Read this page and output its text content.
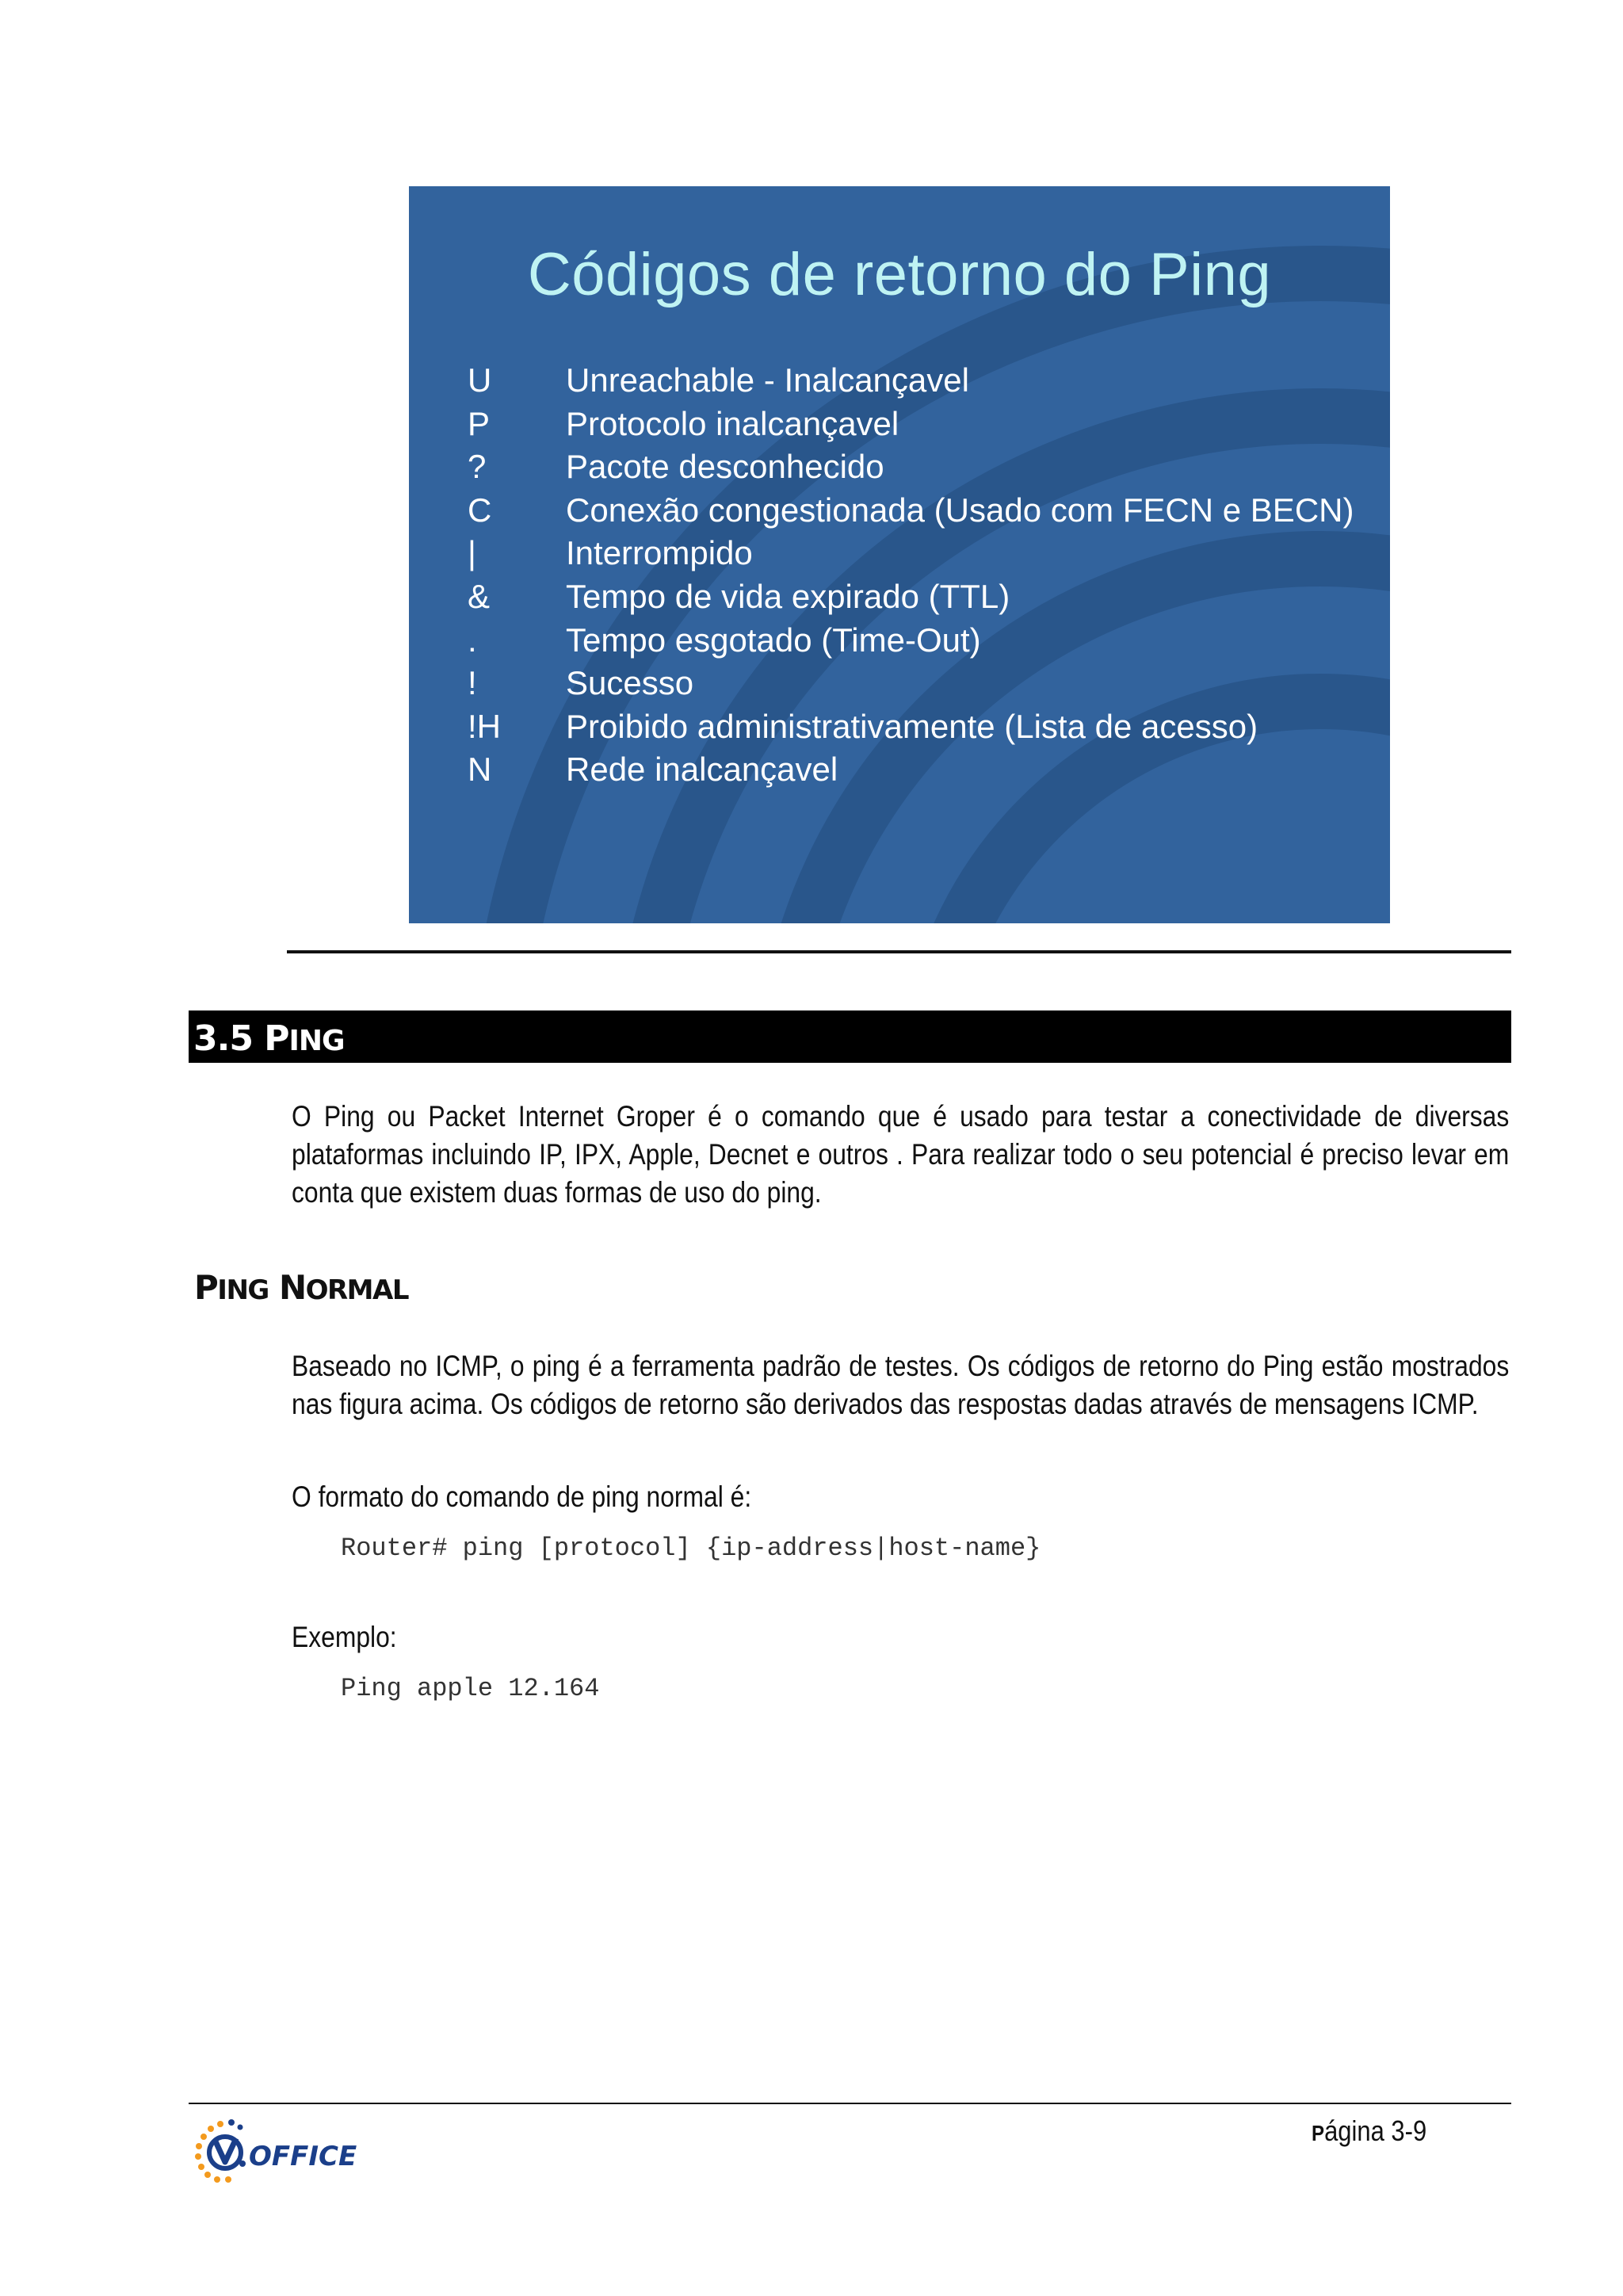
Códigos de retorno do Ping
U Unreachable - Inalcançavel
P Protocolo inalcançavel
? Pacote desconhecido
C Conexão congestionada (Usado com FECN e BECN)
|	Interrompido
& Tempo de vida expirado (TTL)
.	Tempo esgotado (Time-Out)
!	Sucesso
!H Proibido administrativamente (Lista de acesso)
N Rede inalcançavel
3.5 PING
O Ping ou Packet Internet Groper é o comando que é usado para testar a conectividade de diversas plataformas incluindo IP, IPX, Apple, Decnet e outros . Para realizar todo o seu potencial é preciso levar em conta que existem duas formas de uso do ping.
PING NORMAL
Baseado no ICMP, o ping é a ferramenta padrão de testes. Os códigos de retorno do Ping estão mostrados nas figura acima. Os códigos de retorno são derivados das respostas dadas através de mensagens ICMP.
O formato do comando de ping normal é:
Router# ping [protocol] {ip-address|host-name}
Exemplo:
Ping apple 12.164
OFFICE
Página 3-9
